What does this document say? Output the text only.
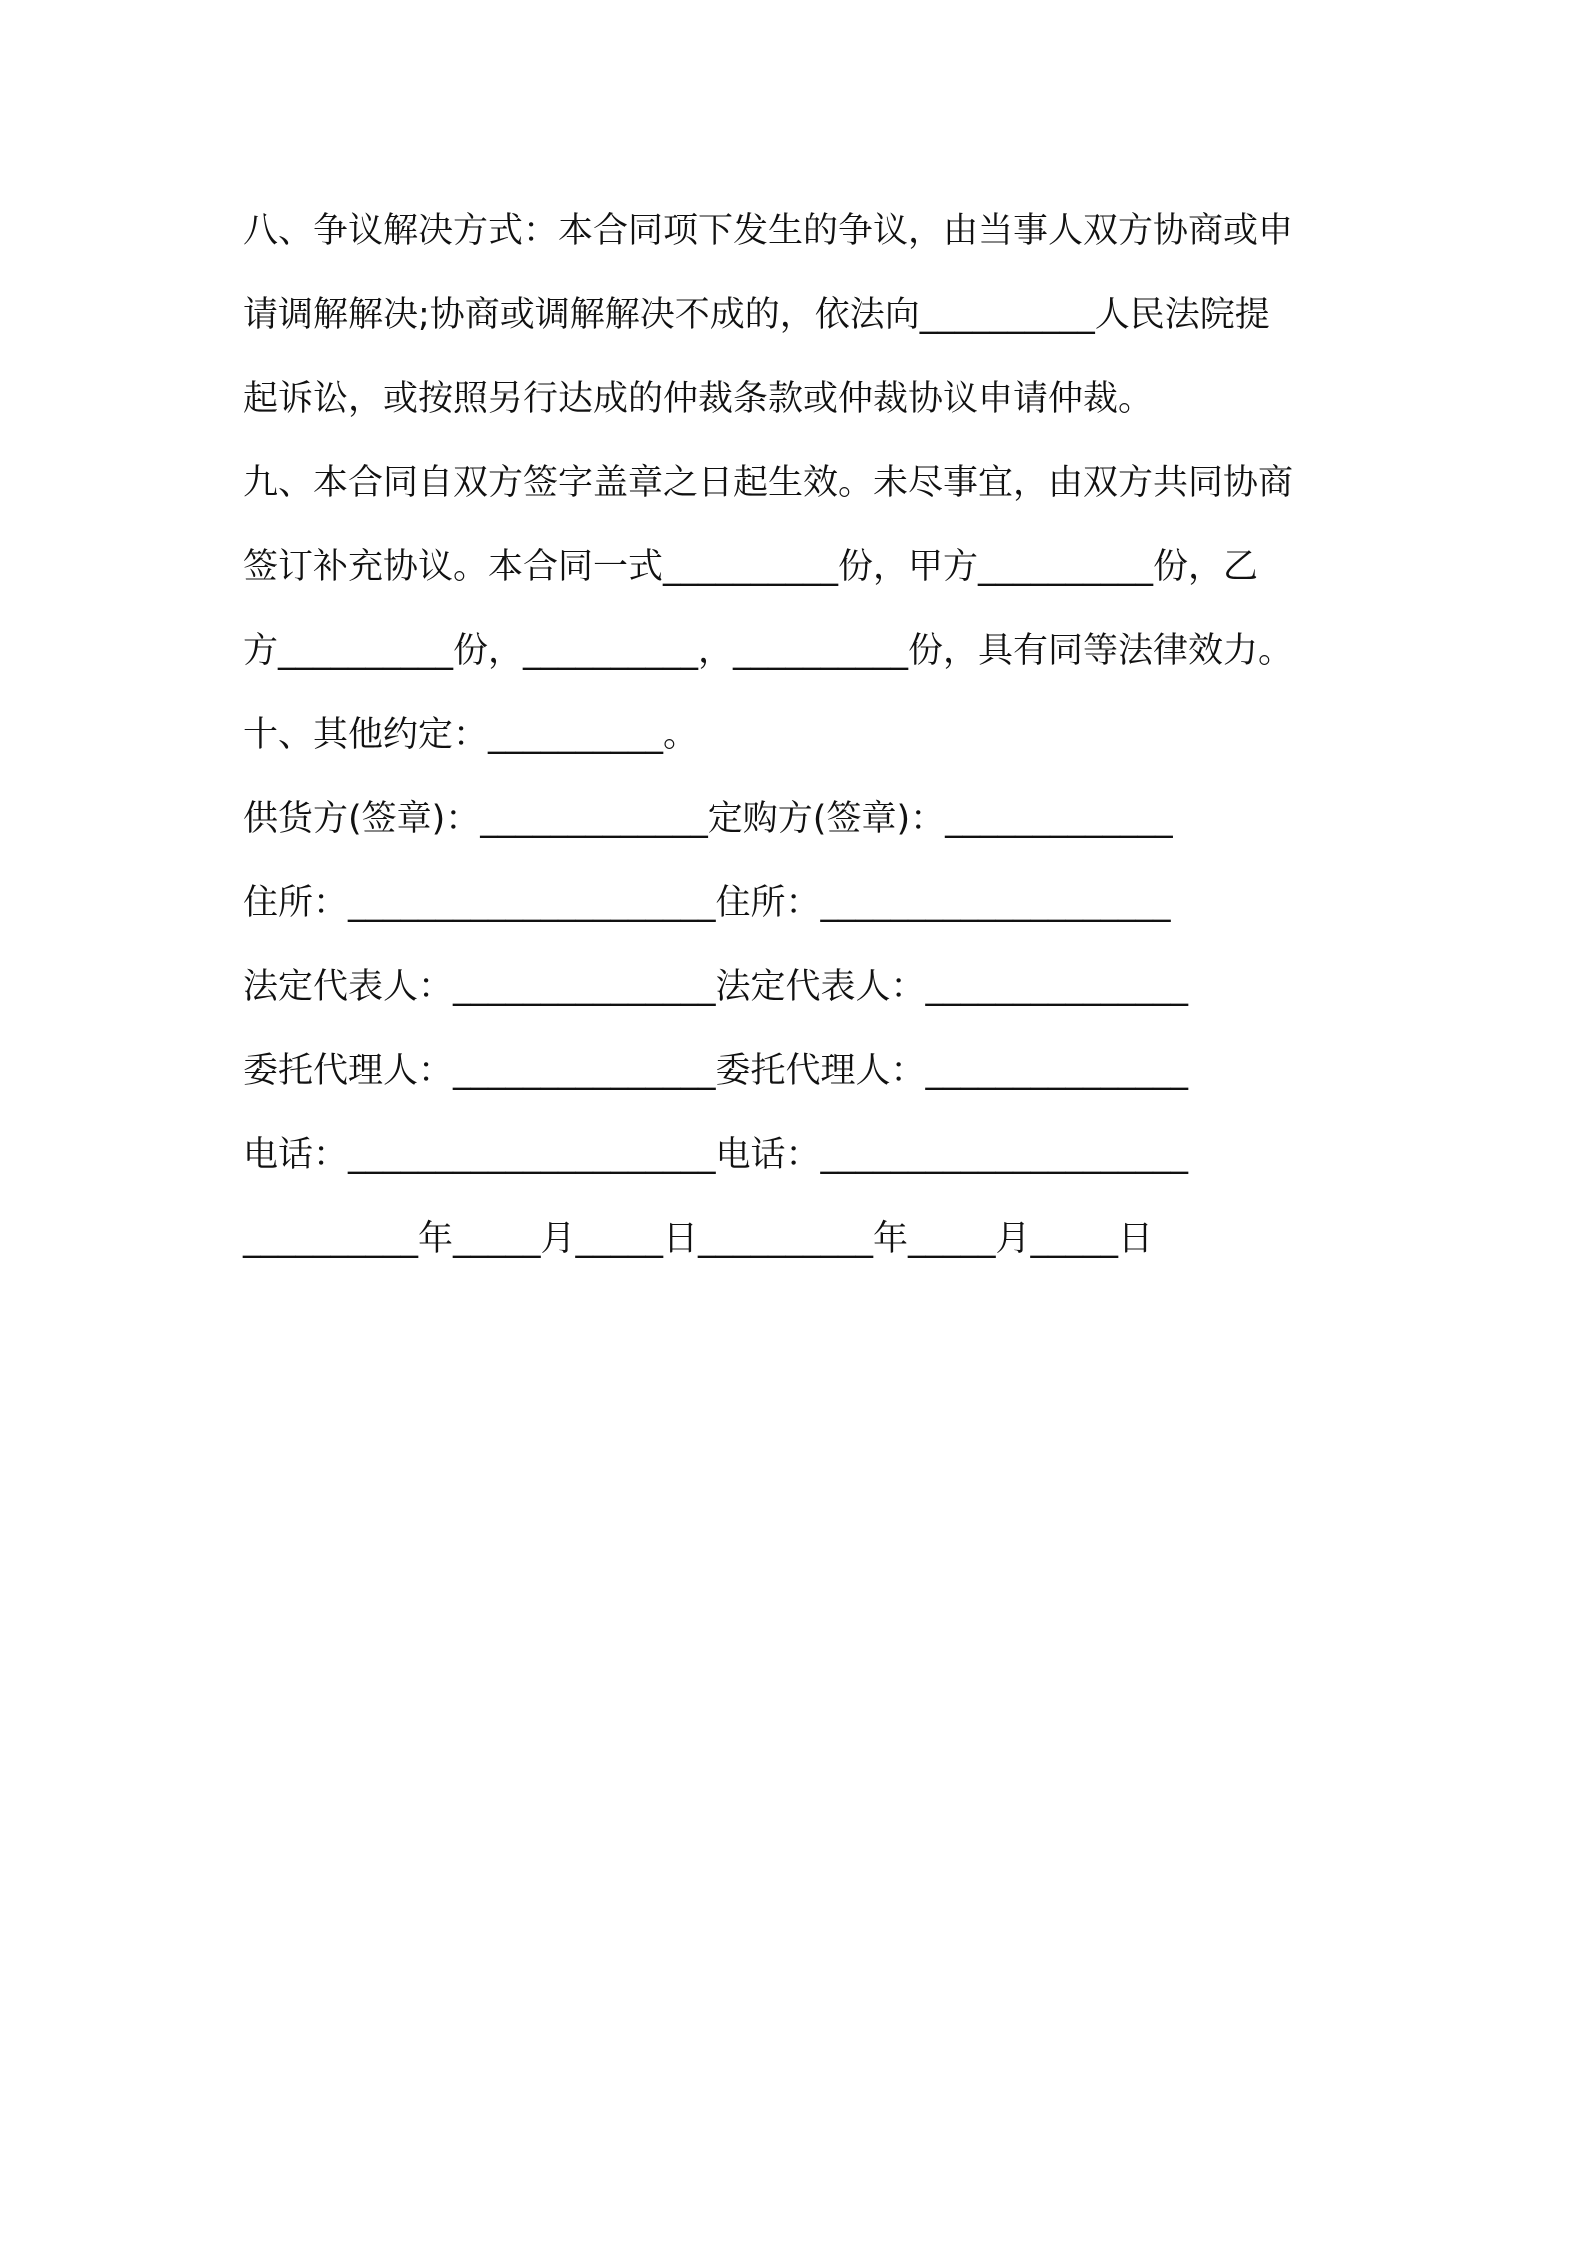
八、争议解决方式：本合同项下发生的争议，由当事人双方协商或申
请调解解决;协商或调解解决不成的，依法向__________人民法院提
起诉讼，或按照另行达成的仲裁条款或仲裁协议申请仲裁。
九、本合同自双方签字盖章之日起生效。未尽事宜，由双方共同协商
签订补充协议。本合同一式__________份，甲方__________份，乙
方__________份，__________，__________份，具有同等法律效力。
十、其他约定：__________。
供货方(签章)：_____________定购方(签章)：_____________
住所：_____________________住所：____________________
法定代表人：_______________法定代表人：_______________
委托代理人：_______________委托代理人：_______________
电话：_____________________电话：_____________________
__________年_____月_____日__________年_____月_____日
